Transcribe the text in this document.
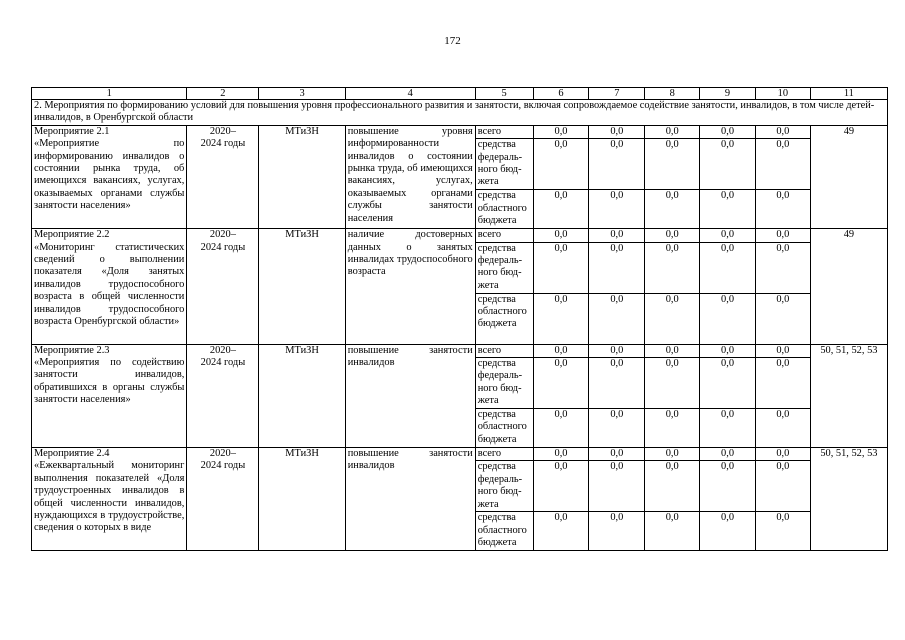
172
1	2	3	4	5	6	7	8	9	10	11
2. Мероприятия по формированию условий для повышения уровня профессионального развития и занятости, включая сопровождаемое содействие занятости, инвалидов, в том числе детей-инвалидов, в Оренбургской области										

Мероприятие 2.1
«Мероприятие по информированию инвалидов о состоянии рынка труда, об имеющихся вакансиях, услугах, оказываемых органами службы занятости населения»	2020–
2024 годы	МТиЗН	повышение уровня информированности инвалидов о состоянии рынка труда, об имеющихся вакансиях, услугах, оказываемых органами службы занятости населения	всего	0,0	0,0	0,0	0,0	0,0	49
				средства
федераль-
ного бюд-
жета	0,0	0,0	0,0	0,0	0,0	
				средства
областного
бюджета	0,0	0,0	0,0	0,0	0,0	

Мероприятие 2.2
«Мониторинг статистических сведений о выполнении показателя «Доля занятых инвалидов трудоспособного возраста в общей численности инвалидов трудоспособного возраста Оренбургской области»	2020–
2024 годы	МТиЗН	наличие достоверных данных о занятых инвалидах трудоспособного возраста	всего	0,0	0,0	0,0	0,0	0,0	49
				средства
федераль-
ного бюд-
жета	0,0	0,0	0,0	0,0	0,0	
				средства
областного
бюджета	0,0	0,0	0,0	0,0	0,0	

Мероприятие 2.3
«Мероприятия по содействию занятости инвалидов, обратившихся в органы службы занятости населения»	2020–
2024 годы	МТиЗН	повышение занятости инвалидов	всего	0,0	0,0	0,0	0,0	0,0	50, 51, 52, 53
				средства
федераль-
ного бюд-
жета	0,0	0,0	0,0	0,0	0,0	
				средства
областного
бюджета	0,0	0,0	0,0	0,0	0,0	

Мероприятие 2.4
«Ежеквартальный мониторинг выполнения показателей «Доля трудоустроенных инвалидов в общей численности инвалидов, нуждающихся в трудоустройстве, сведения о которых в виде	2020–
2024 годы	МТиЗН	повышение занятости инвалидов	всего	0,0	0,0	0,0	0,0	0,0	50, 51, 52, 53
				средства
федераль-
ного бюд-
жета	0,0	0,0	0,0	0,0	0,0	
				средства
областного
бюджета	0,0	0,0	0,0	0,0	0,0	
